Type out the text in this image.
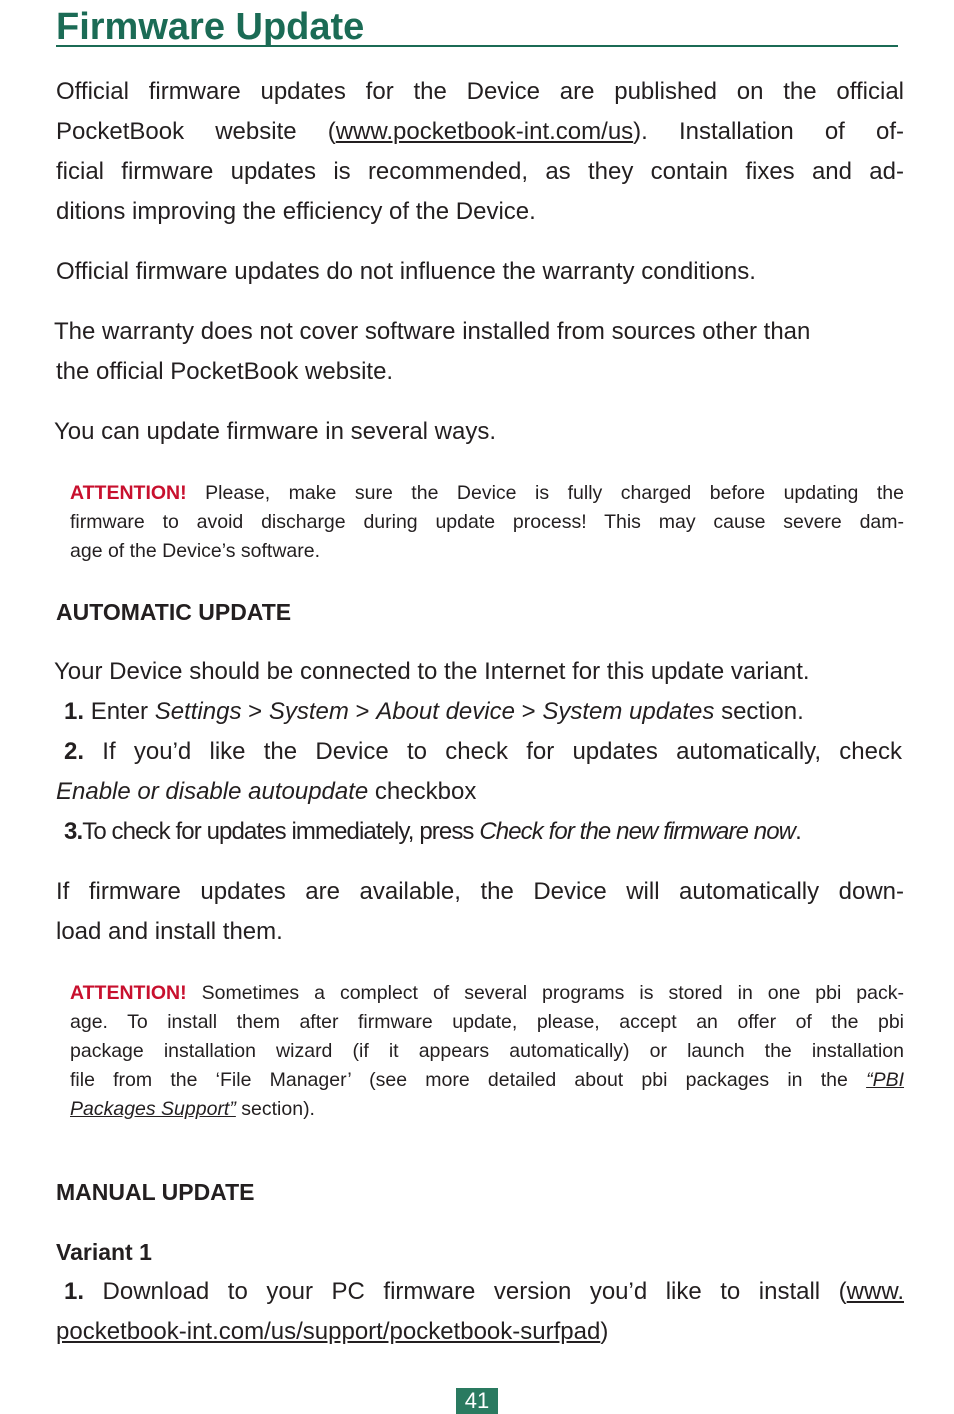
Firmware Update
Official firmware updates for the Device are published on the official
PocketBook website (www.pocketbook-int.com/us). Installation of of-
ficial firmware updates is recommended, as they contain fixes and ad-
ditions improving the efficiency of the Device.
Official firmware updates do not influence the warranty conditions.
The warranty does not cover software installed from sources other than
the official PocketBook website.
You can update firmware in several ways.
ATTENTION! Please, make sure the Device is fully charged before updating the
firmware to avoid discharge during update process! This may cause severe dam-
age of the Device’s software.
AUTOMATIC UPDATE
Your Device should be connected to the Internet for this update variant.
1. Enter Settings > System > About device > System updates section.
2. If you’d like the Device to check for updates automatically, check
Enable or disable autoupdate checkbox
3.To check for updates immediately, press Check for the new firmware now.
If firmware updates are available, the Device will automatically down-
load and install them.
ATTENTION! Sometimes a complect of several programs is stored in one pbi pack-
age. To install them after firmware update, please, accept an offer of the pbi
package installation wizard (if it appears automatically) or launch the installation
file from the ‘File Manager’ (see more detailed about pbi packages in the “PBI
Packages Support” section).
MANUAL UPDATE
Variant 1
1. Download to your PC firmware version you’d like to install (www.
pocketbook-int.com/us/support/pocketbook-surfpad)
41
